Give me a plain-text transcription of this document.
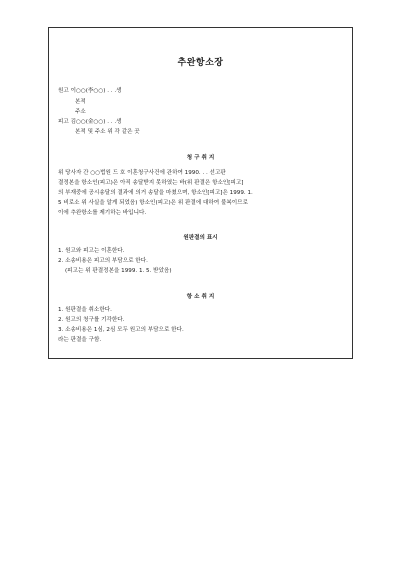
추완항소장

원고 이○○(李○○) . . .생

본적

주소

피고 김○○(金○○) . . .생

본적 및 주소 위 각 같은 곳

청 구 취 지
위 당사자 간 ○○법원 드 호 이혼청구사건에 관하여 1990. . . 선고판
결정본을 항소인(피고)은 아직 송달받지 못하였는 바(위 판결은 항소인[피고]
의 부재중에 공시송달의 결과에 의거 송달을 마쳤으며, 항소인[피고]은 1999. 1.
5 비로소 위 사실을 알게 되었음) 항소인(피고)은 위 판결에 대하여 불복이므로
이에 추완항소를 제기하는 바입니다.
원판결의 표시

1. 원고와 피고는 이혼한다.

2. 소송비용은 피고의 부담으로 한다.

(피고는 위 판결정본을 1999. 1. 5. 받았음)

항 소 취 지

1. 원판결을 취소한다.

2. 원고의 청구를 기각한다.

3. 소송비용은 1심, 2심 모두 원고의 부담으로 한다.

라는 판결을 구함.
